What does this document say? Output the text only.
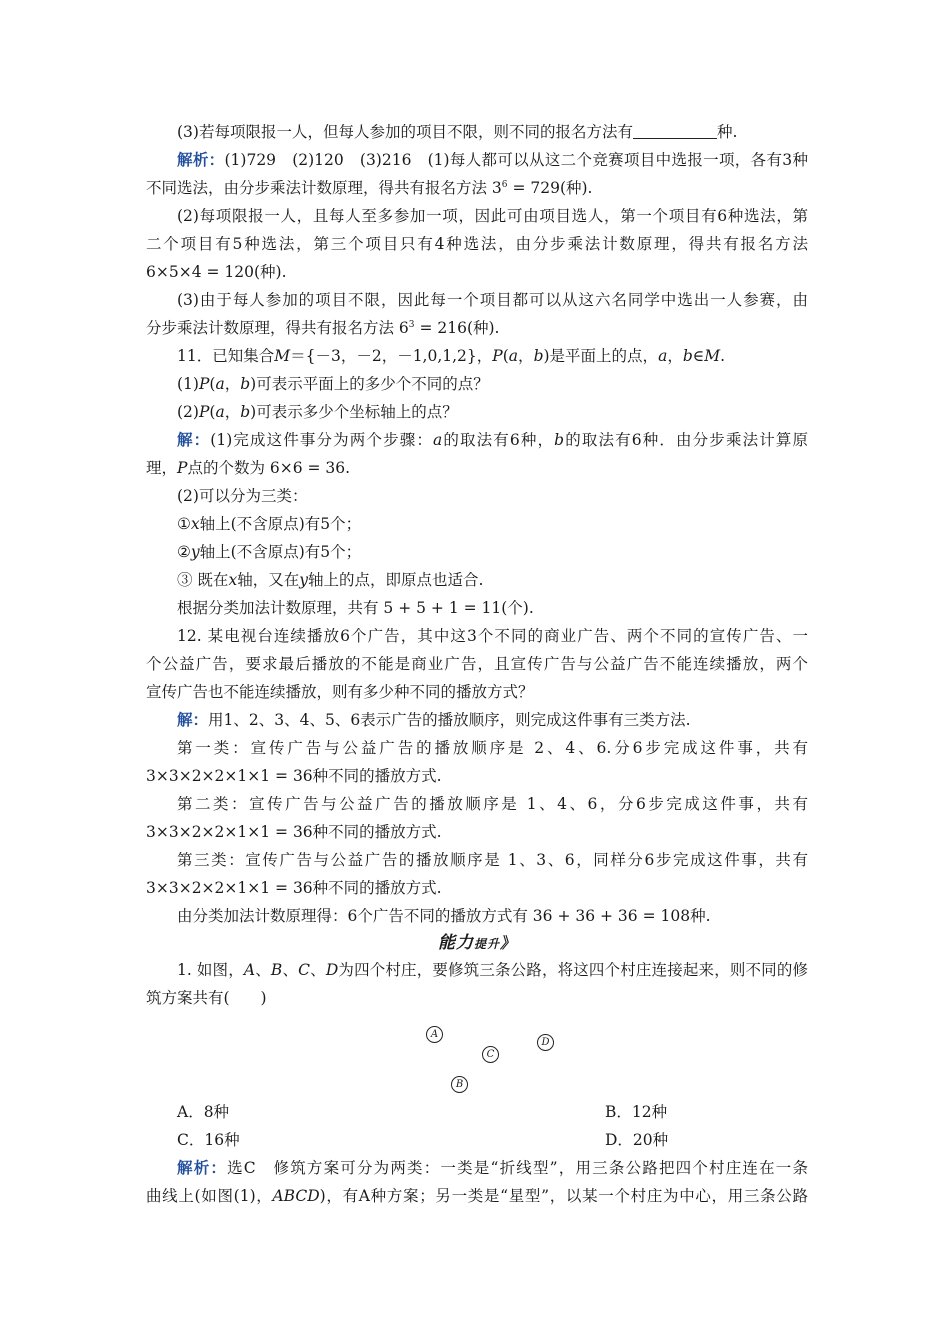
(3)若每项限报一人，但每人参加的项目不限，则不同的报名方法有	种.
解析：(1)729　(2)120　(3)216　(1)每人都可以从这二个竞赛项目中选报一项，各有3种
不同选法，由分步乘法计数原理，得共有报名方法 $3^6 = 729$(种).
(2)每项限报一人，且每人至多参加一项，因此可由项目选人，第一个项目有6种选法，第
二个项目有5种选法，第三个项目只有4种选法，由分步乘法计数原理，得共有报名方法
6×5×4 = 120(种).
(3)由于每人参加的项目不限，因此每一个项目都可以从这六名同学中选出一人参赛，由
分步乘法计数原理，得共有报名方法 $6^3 = 216$(种).
11．已知集合M＝{－3，－2，－1,0,1,2}，P(a，b)是平面上的点，a，b∈M.
(1)P(a，b)可表示平面上的多少个不同的点？
(2)P(a，b)可表示多少个坐标轴上的点？
解：(1)完成这件事分为两个步骤：a的取法有6种，b的取法有6种．由分步乘法计算原
理，P点的个数为 6×6 = 36.
(2)可以分为三类：
①x轴上(不含原点)有5个；
②y轴上(不含原点)有5个；
③ 既在x轴，又在y轴上的点，即原点也适合.
根据分类加法计数原理，共有 5 + 5 + 1 = 11(个).
12. 某电视台连续播放6个广告，其中这3个不同的商业广告、两个不同的宣传广告、一
个公益广告，要求最后播放的不能是商业广告，且宣传广告与公益广告不能连续播放，两个
宣传广告也不能连续播放，则有多少种不同的播放方式？
解：用1、2、3、4、5、6表示广告的播放顺序，则完成这件事有三类方法.
第一类：宣传广告与公益广告的播放顺序是 2、4、6.分6步完成这件事，共有
3×3×2×2×1×1 = 36种不同的播放方式.
第二类：宣传广告与公益广告的播放顺序是 1、4、6，分6步完成这件事，共有
3×3×2×2×1×1 = 36种不同的播放方式.
第三类：宣传广告与公益广告的播放顺序是 1、3、6，同样分6步完成这件事，共有
3×3×2×2×1×1 = 36种不同的播放方式.
由分类加法计数原理得：6个广告不同的播放方式有 36 + 36 + 36 = 108种.
能力提升》
1. 如图，A、B、C、D为四个村庄，要修筑三条公路，将这四个村庄连接起来，则不同的修
筑方案共有(　　)
A
C
D
B
A．8种	B．12种
C．16种	D．20种
解析：选C　修筑方案可分为两类：一类是“折线型”，用三条公路把四个村庄连在一条
曲线上(如图(1)，ABCD)，有A种方案；另一类是“星型”，以某一个村庄为中心，用三条公路
